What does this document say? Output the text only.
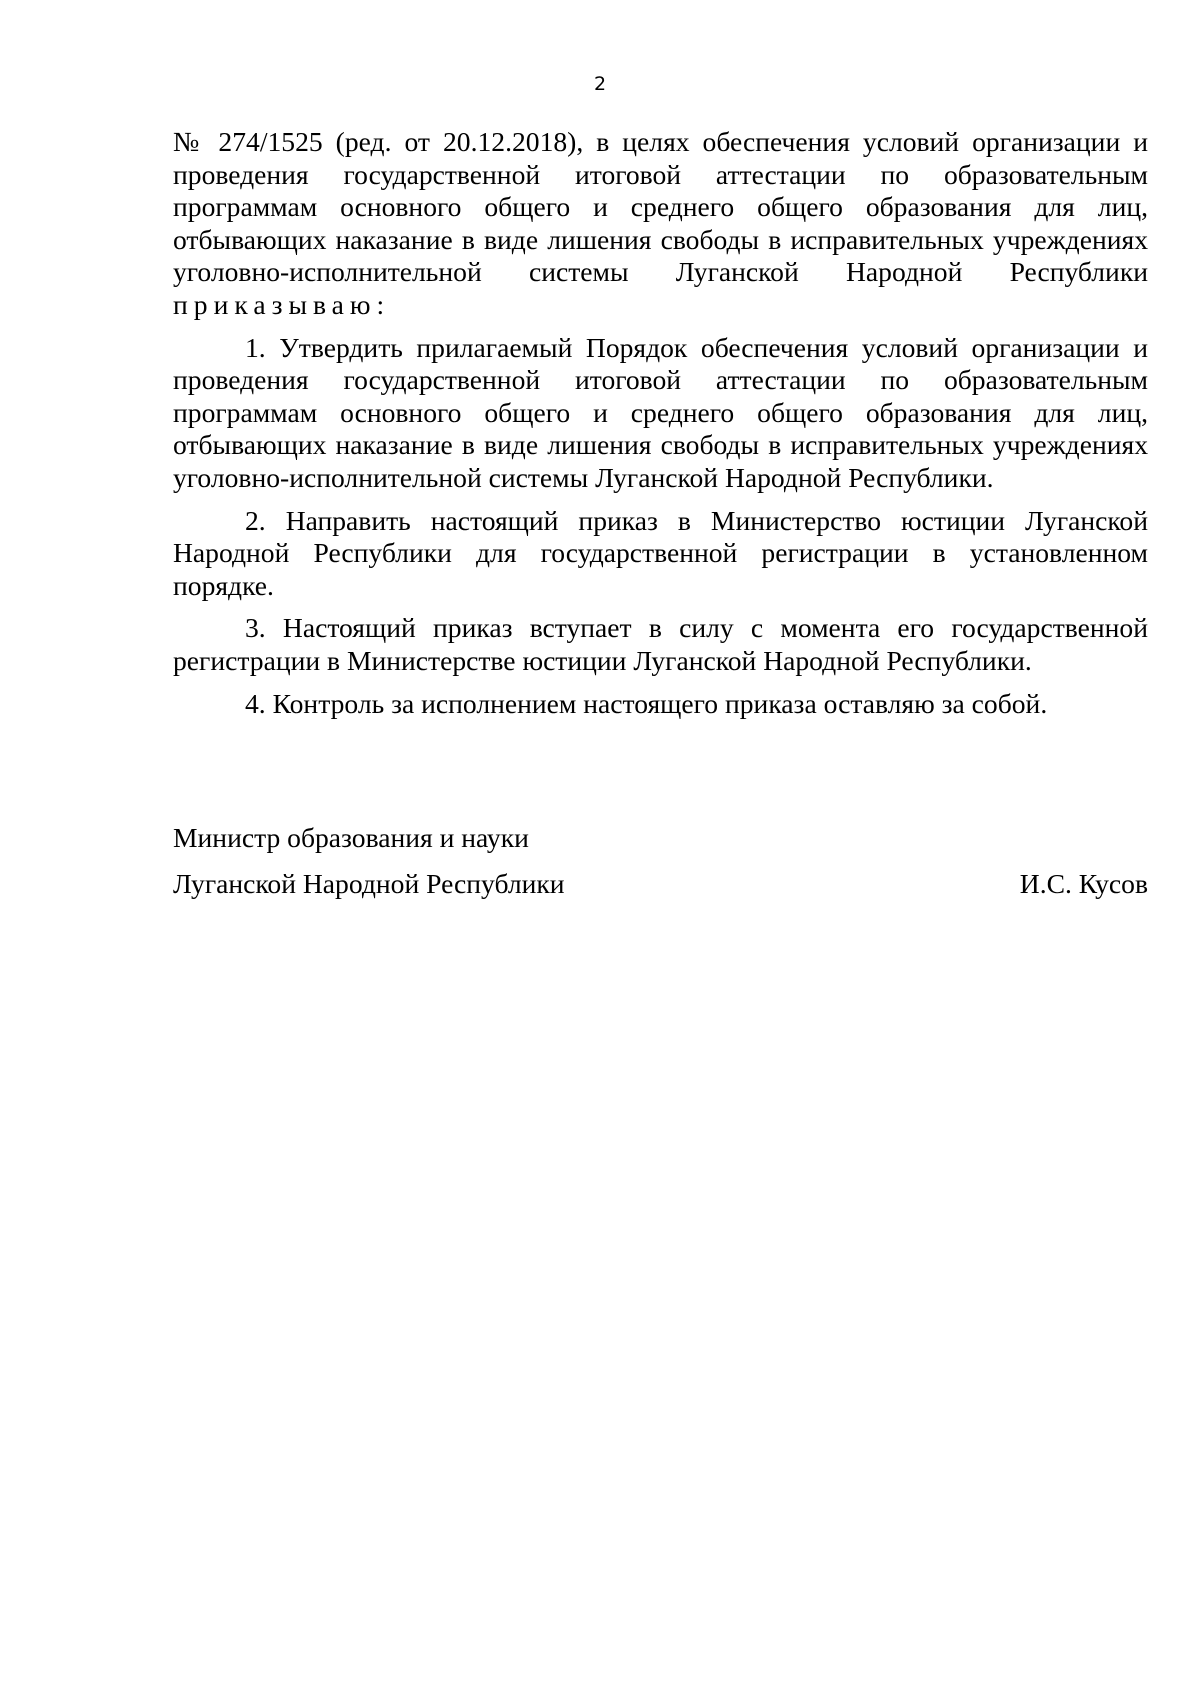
2

№ 274/1525 (ред. от 20.12.2018), в целях обеспечения условий организации и проведения государственной итоговой аттестации по образовательным программам основного общего и среднего общего образования для лиц, отбывающих наказание в виде лишения свободы в исправительных учреждениях уголовно-исполнительной системы Луганской Народной Республики приказываю:

1. Утвердить прилагаемый Порядок обеспечения условий организации и проведения государственной итоговой аттестации по образовательным программам основного общего и среднего общего образования для лиц, отбывающих наказание в виде лишения свободы в исправительных учреждениях уголовно-исполнительной системы Луганской Народной Республики.

2. Направить настоящий приказ в Министерство юстиции Луганской Народной Республики для государственной регистрации в установленном порядке.

3. Настоящий приказ вступает в силу с момента его государственной регистрации в Министерстве юстиции Луганской Народной Республики.

4. Контроль за исполнением настоящего приказа оставляю за собой.

Министр образования и науки
Луганской Народной Республики	И.С. Кусов
